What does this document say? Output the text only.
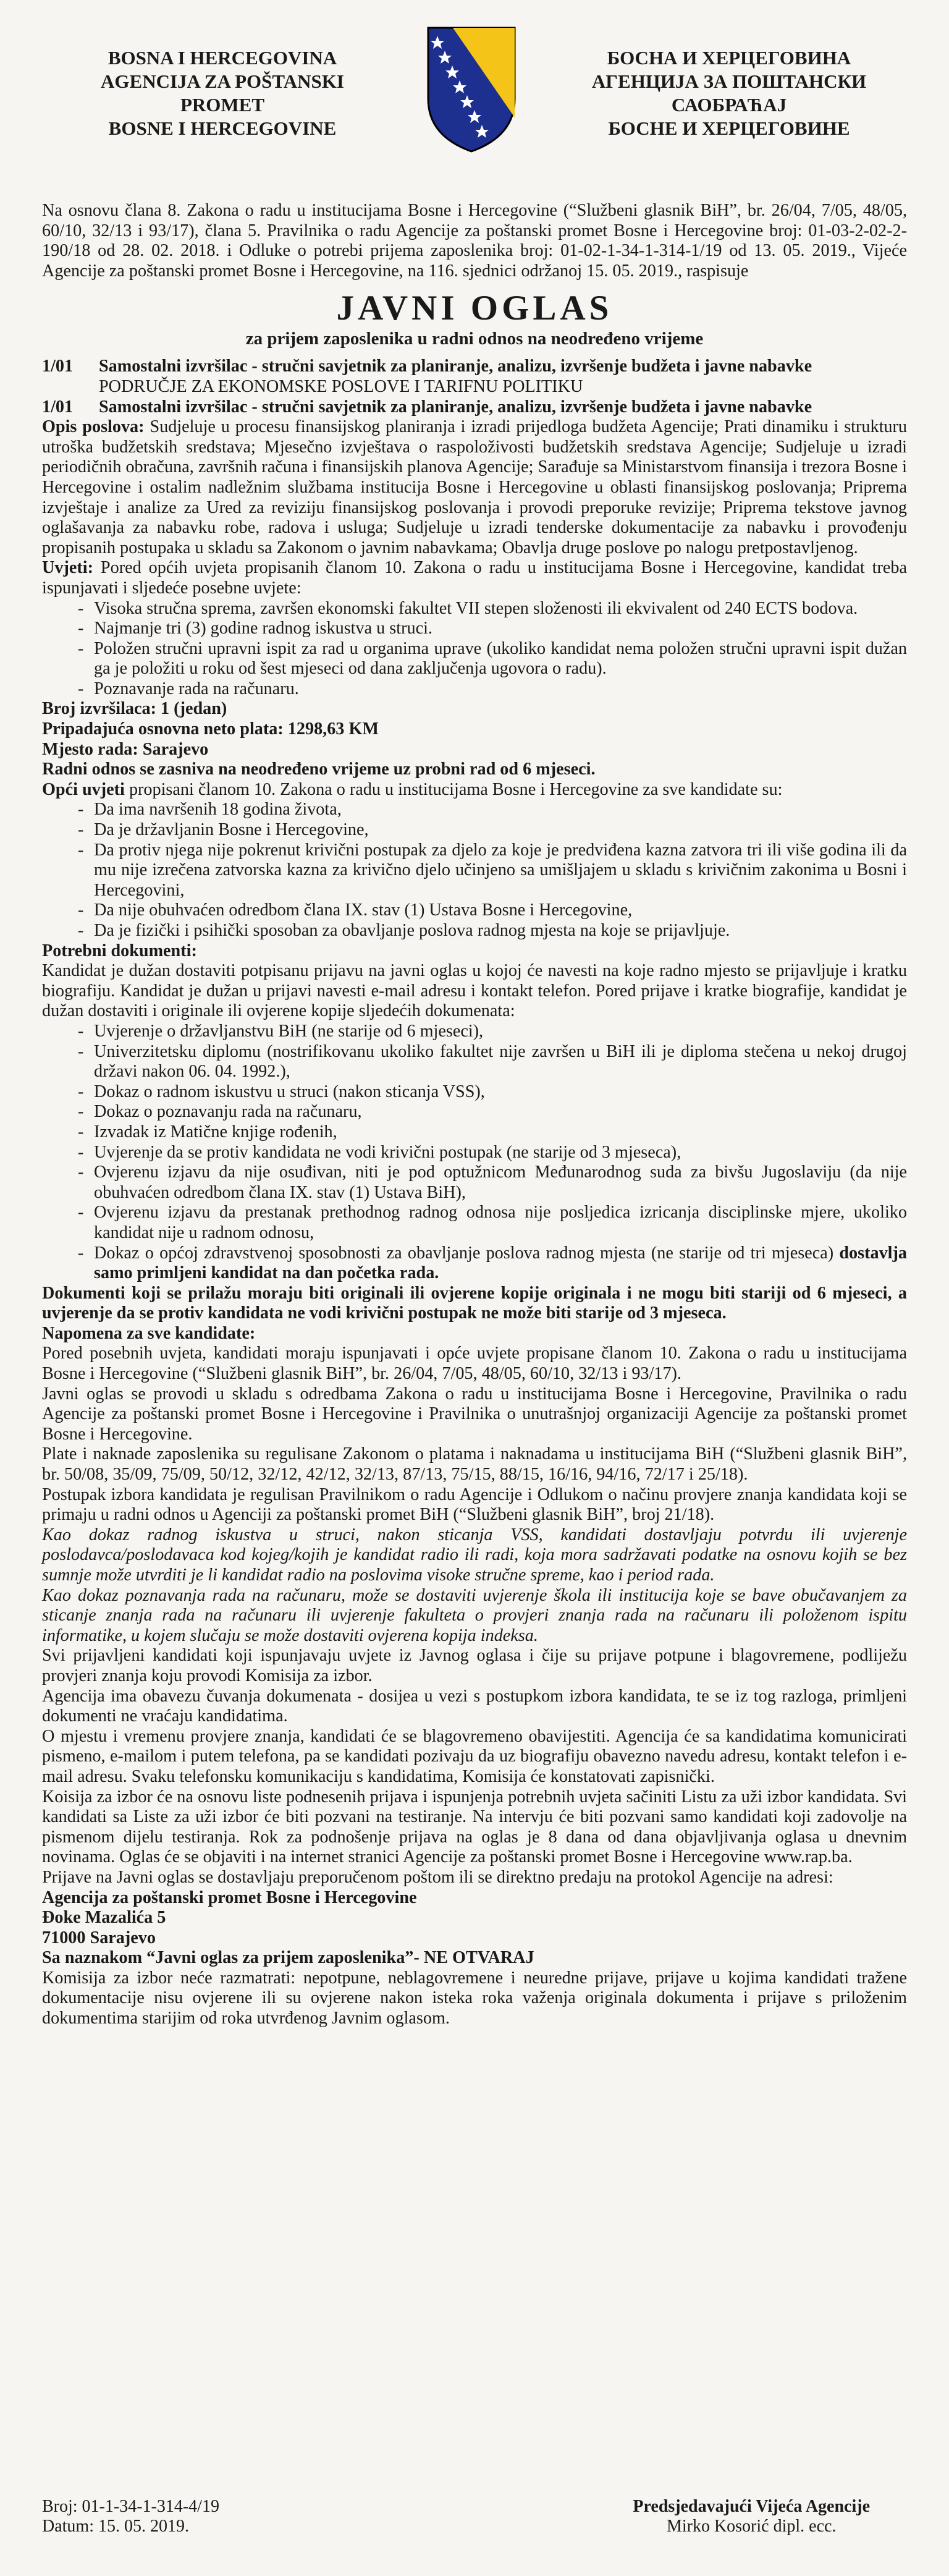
BOSNA I HERCEGOVINA
AGENCIJA ZA POŠTANSKI
PROMET
BOSNE I HERCEGOVINE
БОСНА И ХЕРЦЕГОВИНА
АГЕНЦИЈА ЗА ПОШТАНСКИ
САОБРАЋАЈ
БОСНЕ И ХЕРЦЕГОВИНЕ

Na osnovu člana 8. Zakona o radu u institucijama Bosne i Hercegovine (“Službeni glasnik BiH”, br. 26/04, 7/05, 48/05, 60/10, 32/13 i 93/17), člana 5. Pravilnika o radu Agencije za poštanski promet Bosne i Hercegovine broj: 01-03-2-02-2-190/18 od 28. 02. 2018. i Odluke o potrebi prijema zaposlenika broj: 01-02-1-34-1-314-1/19 od 13. 05. 2019., Vijeće Agencije za poštanski promet Bosne i Hercegovine, na 116. sjednici održanoj 15. 05. 2019., raspisuje

JAVNI OGLAS
za prijem zaposlenika u radni odnos na neodređeno vrijeme
1/01	Samostalni izvršilac - stručni savjetnik za planiranje, analizu, izvršenje budžeta i javne nabavke
PODRUČJE ZA EKONOMSKE POSLOVE I TARIFNU POLITIKU
1/01	Samostalni izvršilac - stručni savjetnik za planiranje, analizu, izvršenje budžeta i javne nabavke

Opis poslova: Sudjeluje u procesu finansijskog planiranja i izradi prijedloga budžeta Agencije; Prati dinamiku i strukturu utroška budžetskih sredstava; Mjesečno izvještava o raspoloživosti budžetskih sredstava Agencije; Sudjeluje u izradi periodičnih obračuna, završnih računa i finansijskih planova Agencije; Sarađuje sa Ministarstvom finansija i trezora Bosne i Hercegovine i ostalim nadležnim službama institucija Bosne i Hercegovine u oblasti finansijskog poslovanja; Priprema izvještaje i analize za Ured za reviziju finansijskog poslovanja i provodi preporuke revizije; Priprema tekstove javnog oglašavanja za nabavku robe, radova i usluga; Sudjeluje u izradi tenderske dokumentacije za nabavku i provođenju propisanih postupaka u skladu sa Zakonom o javnim nabavkama; Obavlja druge poslove po nalogu pretpostavljenog.

Uvjeti: Pored općih uvjeta propisanih članom 10. Zakona o radu u institucijama Bosne i Hercegovine, kandidat treba ispunjavati i sljedeće posebne uvjete:

- Visoka stručna sprema, završen ekonomski fakultet VII stepen složenosti ili ekvivalent od 240 ECTS bodova.
- Najmanje tri (3) godine radnog iskustva u struci.
- Položen stručni upravni ispit za rad u organima uprave (ukoliko kandidat nema položen stručni upravni ispit dužan ga je položiti u roku od šest mjeseci od dana zaključenja ugovora o radu).
- Poznavanje rada na računaru.
Broj izvršilaca: 1 (jedan)
Pripadajuća osnovna neto plata: 1298,63 KM
Mjesto rada: Sarajevo
Radni odnos se zasniva na neodređeno vrijeme uz probni rad od 6 mjeseci.

Opći uvjeti propisani članom 10. Zakona o radu u institucijama Bosne i Hercegovine za sve kandidate su:

- Da ima navršenih 18 godina života,
- Da je državljanin Bosne i Hercegovine,
- Da protiv njega nije pokrenut krivični postupak za djelo za koje je predviđena kazna zatvora tri ili više godina ili da mu nije izrečena zatvorska kazna za krivično djelo učinjeno sa umišljajem u skladu s krivičnim zakonima u Bosni i Hercegovini,
- Da nije obuhvaćen odredbom člana IX. stav (1) Ustava Bosne i Hercegovine,
- Da je fizički i psihički sposoban za obavljanje poslova radnog mjesta na koje se prijavljuje.
Potrebni dokumenti:

Kandidat je dužan dostaviti potpisanu prijavu na javni oglas u kojoj će navesti na koje radno mjesto se prijavljuje i kratku biografiju. Kandidat je dužan u prijavi navesti e-mail adresu i kontakt telefon. Pored prijave i kratke biografije, kandidat je dužan dostaviti i originale ili ovjerene kopije sljedećih dokumenata:

- Uvjerenje o državljanstvu BiH (ne starije od 6 mjeseci),
- Univerzitetsku diplomu (nostrifikovanu ukoliko fakultet nije završen u BiH ili je diploma stečena u nekoj drugoj državi nakon 06. 04. 1992.),
- Dokaz o radnom iskustvu u struci (nakon sticanja VSS),
- Dokaz o poznavanju rada na računaru,
- Izvadak iz Matične knjige rođenih,
- Uvjerenje da se protiv kandidata ne vodi krivični postupak (ne starije od 3 mjeseca),
- Ovjerenu izjavu da nije osuđivan, niti je pod optužnicom Međunarodnog suda za bivšu Jugoslaviju (da nije obuhvaćen odredbom člana IX. stav (1) Ustava BiH),
- Ovjerenu izjavu da prestanak prethodnog radnog odnosa nije posljedica izricanja disciplinske mjere, ukoliko kandidat nije u radnom odnosu,
- Dokaz o općoj zdravstvenoj sposobnosti za obavljanje poslova radnog mjesta (ne starije od tri mjeseca) dostavlja samo primljeni kandidat na dan početka rada.

Dokumenti koji se prilažu moraju biti originali ili ovjerene kopije originala i ne mogu biti stariji od 6 mjeseci, a uvjerenje da se protiv kandidata ne vodi krivični postupak ne može biti starije od 3 mjeseca.

Napomena za sve kandidate:

Pored posebnih uvjeta, kandidati moraju ispunjavati i opće uvjete propisane članom 10. Zakona o radu u institucijama Bosne i Hercegovine (“Službeni glasnik BiH”, br. 26/04, 7/05, 48/05, 60/10, 32/13 i 93/17).

Javni oglas se provodi u skladu s odredbama Zakona o radu u institucijama Bosne i Hercegovine, Pravilnika o radu Agencije za poštanski promet Bosne i Hercegovine i Pravilnika o unutrašnjoj organizaciji Agencije za poštanski promet Bosne i Hercegovine.

Plate i naknade zaposlenika su regulisane Zakonom o platama i naknadama u institucijama BiH (“Službeni glasnik BiH”, br. 50/08, 35/09, 75/09, 50/12, 32/12, 42/12, 32/13, 87/13, 75/15, 88/15, 16/16, 94/16, 72/17 i 25/18).

Postupak izbora kandidata je regulisan Pravilnikom o radu Agencije i Odlukom o načinu provjere znanja kandidata koji se primaju u radni odnos u Agenciji za poštanski promet BiH (“Službeni glasnik BiH”, broj 21/18).

Kao dokaz radnog iskustva u struci, nakon sticanja VSS, kandidati dostavljaju potvrdu ili uvjerenje poslodavca/poslodavaca kod kojeg/kojih je kandidat radio ili radi, koja mora sadržavati podatke na osnovu kojih se bez sumnje može utvrditi je li kandidat radio na poslovima visoke stručne spreme, kao i period rada.

Kao dokaz poznavanja rada na računaru, može se dostaviti uvjerenje škola ili institucija koje se bave obučavanjem za sticanje znanja rada na računaru ili uvjerenje fakulteta o provjeri znanja rada na računaru ili položenom ispitu informatike, u kojem slučaju se može dostaviti ovjerena kopija indeksa.

Svi prijavljeni kandidati koji ispunjavaju uvjete iz Javnog oglasa i čije su prijave potpune i blagovremene, podliježu provjeri znanja koju provodi Komisija za izbor.

Agencija ima obavezu čuvanja dokumenata - dosijea u vezi s postupkom izbora kandidata, te se iz tog razloga, primljeni dokumenti ne vraćaju kandidatima.

O mjestu i vremenu provjere znanja, kandidati će se blagovremeno obavijestiti. Agencija će sa kandidatima komunicirati pismeno, e-mailom i putem telefona, pa se kandidati pozivaju da uz biografiju obavezno navedu adresu, kontakt telefon i e-mail adresu. Svaku telefonsku komunikaciju s kandidatima, Komisija će konstatovati zapisnički.

Koisija za izbor će na osnovu liste podnesenih prijava i ispunjenja potrebnih uvjeta sačiniti Listu za uži izbor kandidata. Svi kandidati sa Liste za uži izbor će biti pozvani na testiranje. Na intervju će biti pozvani samo kandidati koji zadovolje na pismenom dijelu testiranja. Rok za podnošenje prijava na oglas je 8 dana od dana objavljivanja oglasa u dnevnim novinama. Oglas će se objaviti i na internet stranici Agencije za poštanski promet Bosne i Hercegovine www.rap.ba.

Prijave na Javni oglas se dostavljaju preporučenom poštom ili se direktno predaju na protokol Agencije na adresi:

Agencija za poštanski promet Bosne i Hercegovine
Đoke Mazalića 5
71000 Sarajevo
Sa naznakom “Javni oglas za prijem zaposlenika”- NE OTVARAJ

Komisija za izbor neće razmatrati: nepotpune, neblagovremene i neuredne prijave, prijave u kojima kandidati tražene dokumentacije nisu ovjerene ili su ovjerene nakon isteka roka važenja originala dokumenta i prijave s priloženim dokumentima starijim od roka utvrđenog Javnim oglasom.

Broj: 01-1-34-1-314-4/19
Datum: 15. 05. 2019.
Predsjedavajući Vijeća Agencije
Mirko Kosorić dipl. ecc.
